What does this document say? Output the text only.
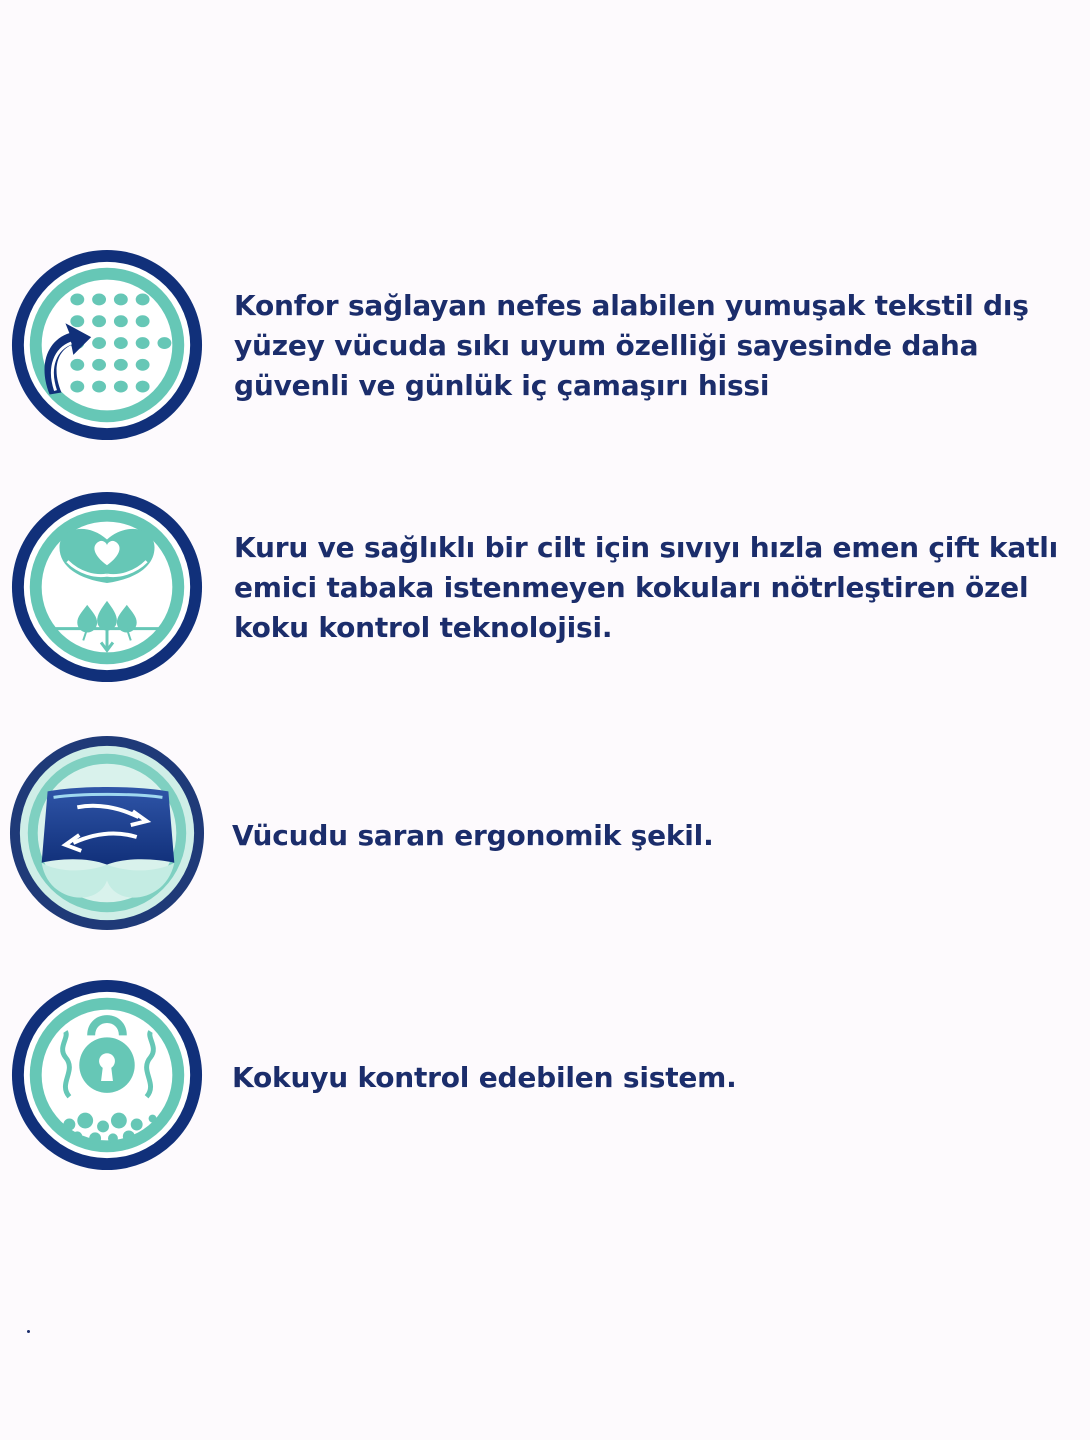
Konfor sağlayan nefes alabilen yumuşak tekstil dış yüzey vücuda sıkı uyum özelliği sayesinde daha güvenli ve günlük iç çamaşırı hissi

Kuru ve sağlıklı bir cilt için sıvıyı hızla emen çift katlı emici tabaka istenmeyen kokuları nötrleştiren özel koku kontrol teknolojisi.

Vücudu saran ergonomik şekil.

Kokuyu kontrol edebilen sistem.
